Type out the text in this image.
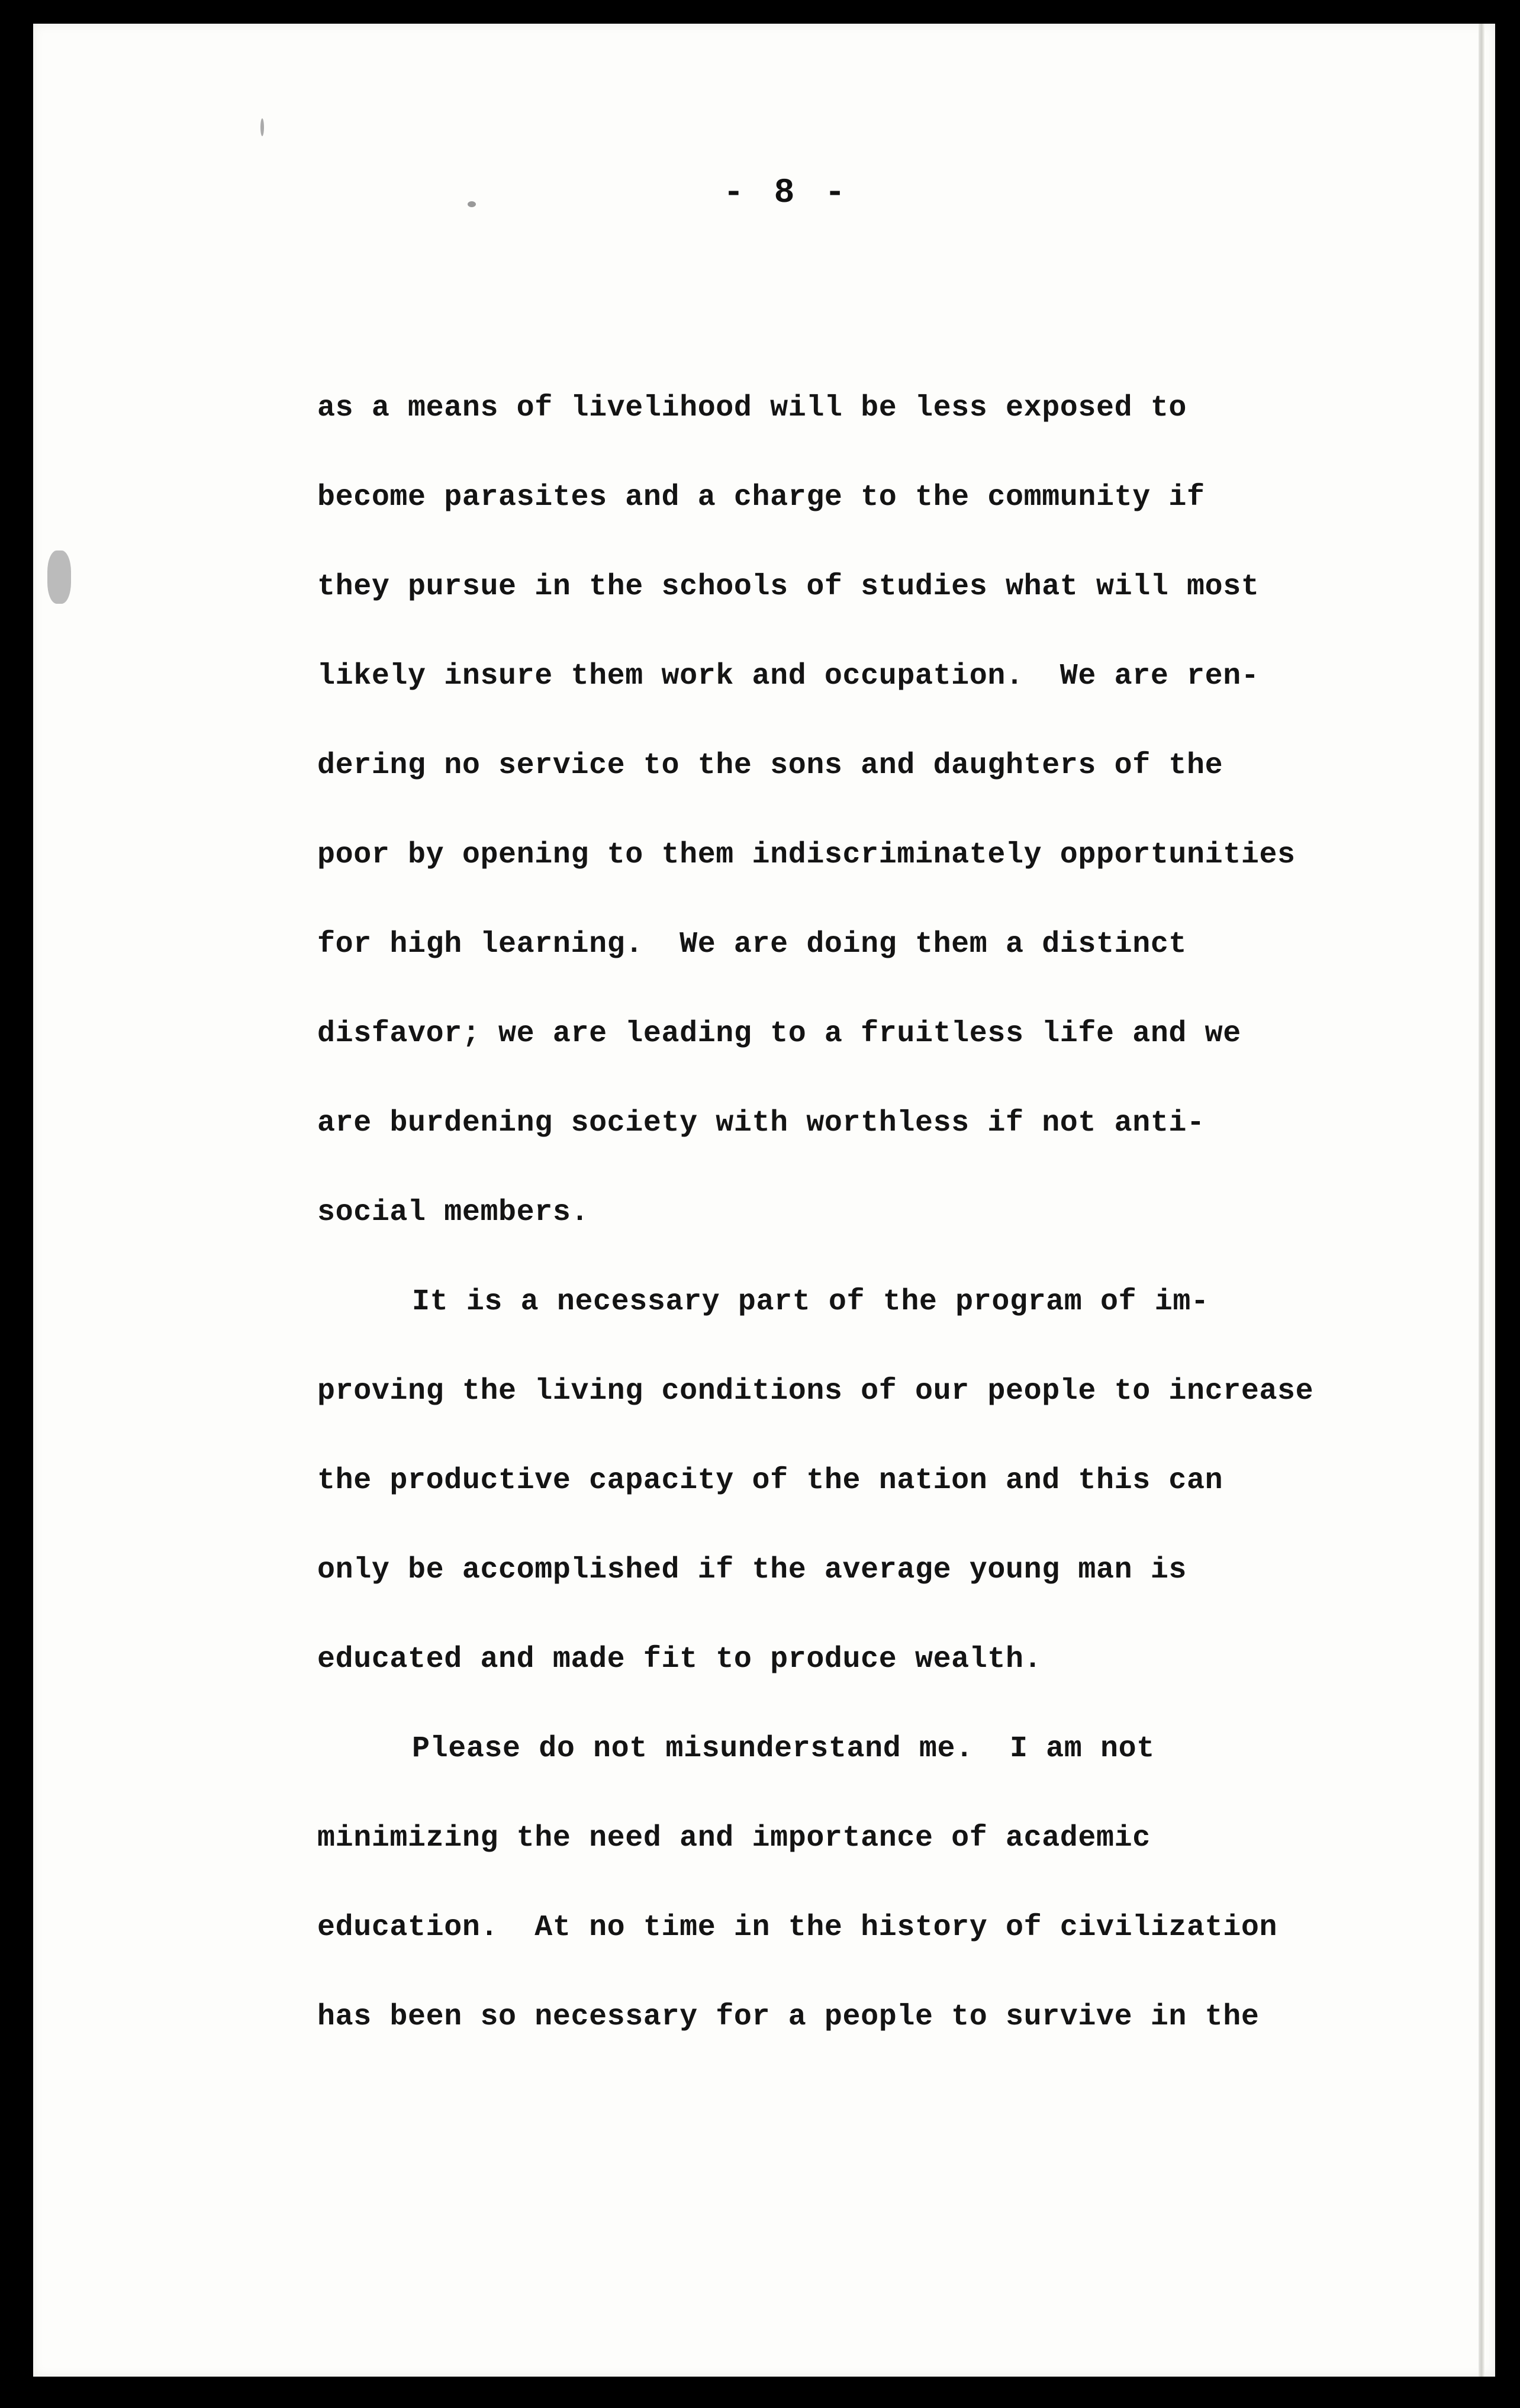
- 8 -
as a means of livelihood will be less exposed to
become parasites and a charge to the community if
they pursue in the schools of studies what will most
likely insure them work and occupation.  We are ren-
dering no service to the sons and daughters of the
poor by opening to them indiscriminately opportunities
for high learning.  We are doing them a distinct
disfavor; we are leading to a fruitless life and we
are burdening society with worthless if not anti-
social members.
It is a necessary part of the program of im-
proving the living conditions of our people to increase
the productive capacity of the nation and this can
only be accomplished if the average young man is
educated and made fit to produce wealth.
Please do not misunderstand me.  I am not
minimizing the need and importance of academic
education.  At no time in the history of civilization
has been so necessary for a people to survive in the
